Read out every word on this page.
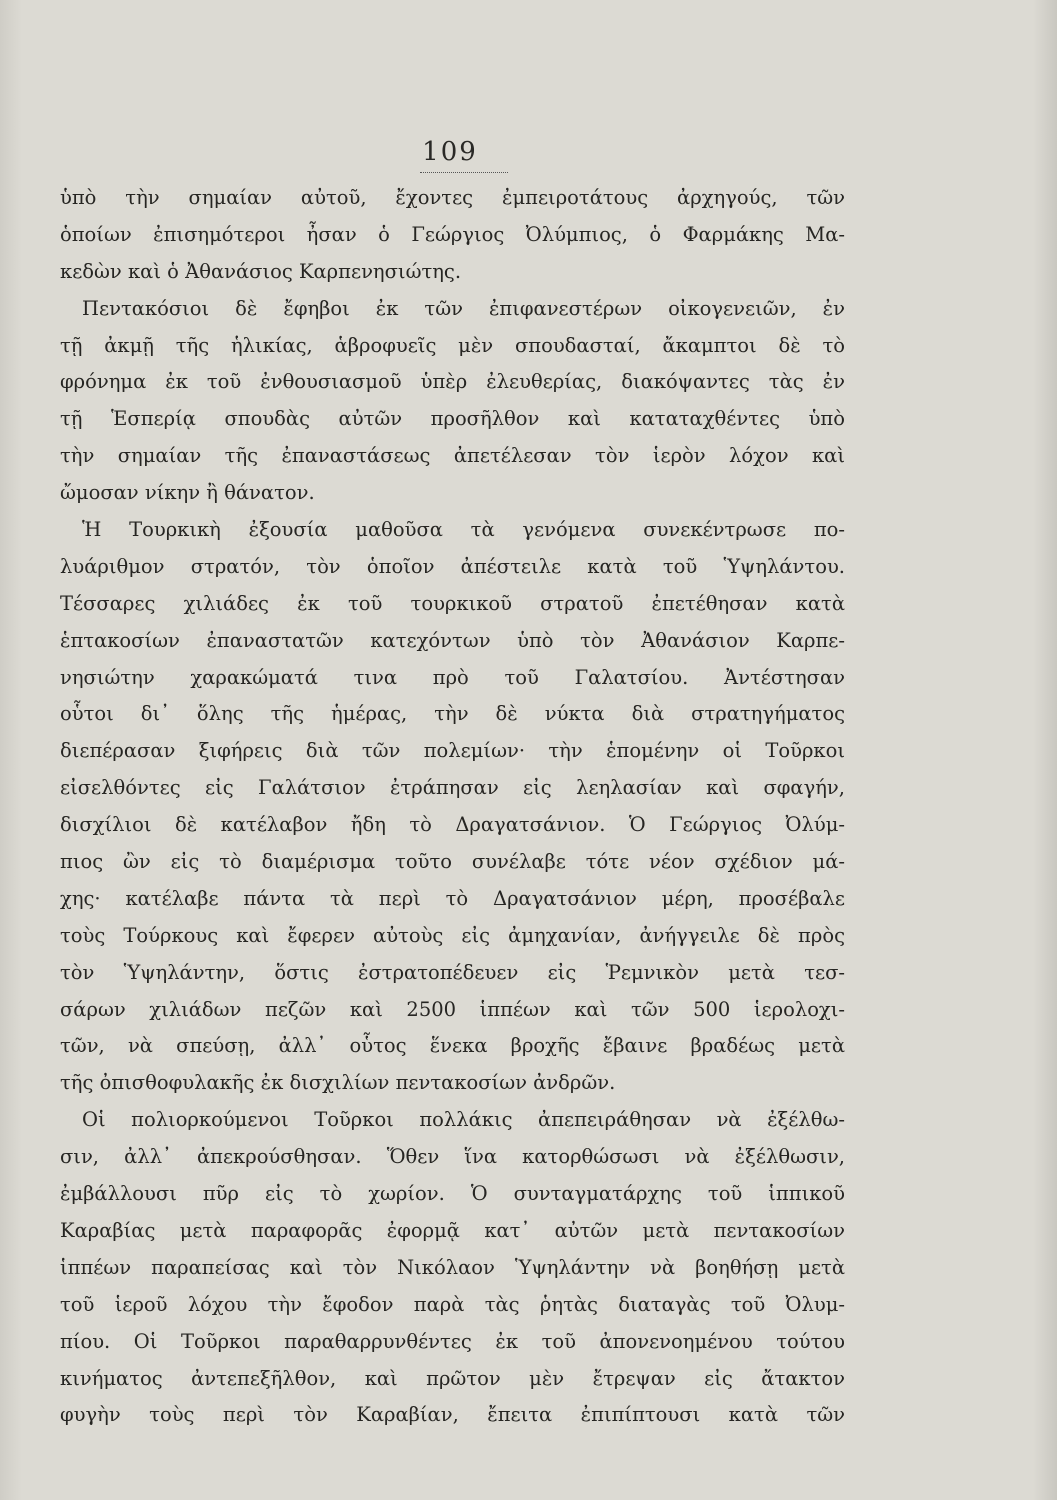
109
ὑπὸ τὴν σημαίαν αὐτοῦ, ἔχοντες ἐμπειροτάτους ἀρχηγούς, τῶν
ὁποίων ἐπισημότεροι ἦσαν ὁ Γεώργιος Ὀλύμπιος, ὁ Φαρμάκης Μα-
κεδὼν καὶ ὁ Ἀθανάσιος Καρπενησιώτης.
Πεντακόσιοι δὲ ἔφηβοι ἐκ τῶν ἐπιφανεστέρων οἰκογενειῶν, ἐν
τῇ ἀκμῇ τῆς ἡλικίας, ἁβροφυεῖς μὲν σπουδασταί, ἄκαμπτοι δὲ τὸ
φρόνημα ἐκ τοῦ ἐνθουσιασμοῦ ὑπὲρ ἐλευθερίας, διακόψαντες τὰς ἐν
τῇ Ἑσπερίᾳ σπουδὰς αὐτῶν προσῆλθον καὶ καταταχθέντες ὑπὸ
τὴν σημαίαν τῆς ἐπαναστάσεως ἀπετέλεσαν τὸν ἱερὸν λόχον καὶ
ὤμοσαν νίκην ἢ θάνατον.
Ἡ Τουρκικὴ ἐξουσία μαθοῦσα τὰ γενόμενα συνεκέντρωσε πο-
λυάριθμον στρατόν, τὸν ὁποῖον ἀπέστειλε κατὰ τοῦ Ὑψηλάντου.
Τέσσαρες χιλιάδες ἐκ τοῦ τουρκικοῦ στρατοῦ ἐπετέθησαν κατὰ
ἑπτακοσίων ἐπαναστατῶν κατεχόντων ὑπὸ τὸν Ἀθανάσιον Καρπε-
νησιώτην χαρακώματά τινα πρὸ τοῦ Γαλατσίου. Ἀντέστησαν
οὗτοι δι᾿ ὅλης τῆς ἡμέρας, τὴν δὲ νύκτα διὰ στρατηγήματος
διεπέρασαν ξιφήρεις διὰ τῶν πολεμίων· τὴν ἑπομένην οἱ Τοῦρκοι
εἰσελθόντες εἰς Γαλάτσιον ἐτράπησαν εἰς λεηλασίαν καὶ σφαγήν,
δισχίλιοι δὲ κατέλαβον ἤδη τὸ Δραγατσάνιον. Ὁ Γεώργιος Ὀλύμ-
πιος ὢν εἰς τὸ διαμέρισμα τοῦτο συνέλαβε τότε νέον σχέδιον μά-
χης· κατέλαβε πάντα τὰ περὶ τὸ Δραγατσάνιον μέρη, προσέβαλε
τοὺς Τούρκους καὶ ἔφερεν αὐτοὺς εἰς ἀμηχανίαν, ἀνήγγειλε δὲ πρὸς
τὸν Ὑψηλάντην, ὅστις ἐστρατοπέδευεν εἰς Ῥεμνικὸν μετὰ τεσ-
σάρων χιλιάδων πεζῶν καὶ 2500 ἱππέων καὶ τῶν 500 ἱερολοχι-
τῶν, νὰ σπεύσῃ, ἀλλ᾿ οὗτος ἕνεκα βροχῆς ἔβαινε βραδέως μετὰ
τῆς ὀπισθοφυλακῆς ἐκ δισχιλίων πεντακοσίων ἀνδρῶν.
Οἱ πολιορκούμενοι Τοῦρκοι πολλάκις ἀπεπειράθησαν νὰ ἐξέλθω-
σιν, ἀλλ᾿ ἀπεκρούσθησαν. Ὅθεν ἵνα κατορθώσωσι νὰ ἐξέλθωσιν,
ἐμβάλλουσι πῦρ εἰς τὸ χωρίον. Ὁ συνταγματάρχης τοῦ ἱππικοῦ
Καραβίας μετὰ παραφορᾶς ἐφορμᾷ κατ᾿ αὐτῶν μετὰ πεντακοσίων
ἱππέων παραπείσας καὶ τὸν Νικόλαον Ὑψηλάντην νὰ βοηθήσῃ μετὰ
τοῦ ἱεροῦ λόχου τὴν ἔφοδον παρὰ τὰς ῥητὰς διαταγὰς τοῦ Ὀλυμ-
πίου. Οἱ Τοῦρκοι παραθαρρυνθέντες ἐκ τοῦ ἀπονενοημένου τούτου
κινήματος ἀντεπεξῆλθον, καὶ πρῶτον μὲν ἔτρεψαν εἰς ἄτακτον
φυγὴν τοὺς περὶ τὸν Καραβίαν, ἔπειτα ἐπιπίπτουσι κατὰ τῶν
